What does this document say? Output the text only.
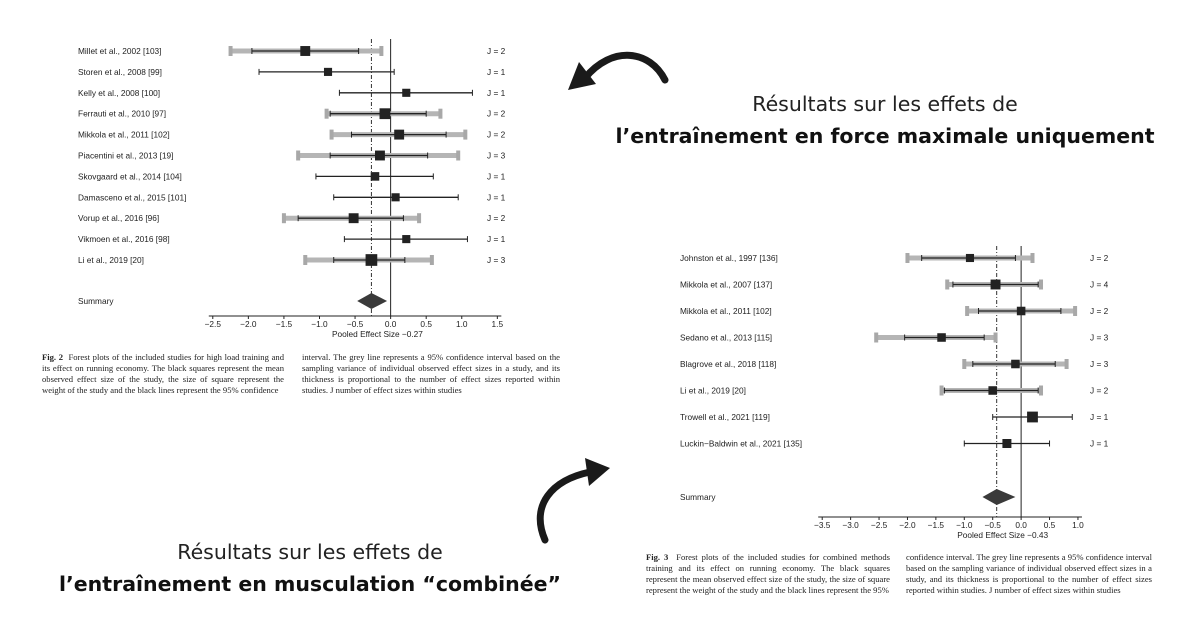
Millet et al., 2002 [103]	J = 2
Storen et al., 2008 [99]	J = 1
Kelly et al., 2008 [100]	J = 1
Ferrauti et al., 2010 [97]	J = 2
Mikkola et al., 2011 [102]	J = 2
Piacentini et al., 2013 [19]	J = 3
Skovgaard et al., 2014 [104]	J = 1
Damasceno et al., 2015 [101]	J = 1
Vorup et al., 2016 [96]	J = 2
Vikmoen et al., 2016 [98]	J = 1
Li et al., 2019 [20]	J = 3
Summary
−2.5 −2.0 −1.5 −1.0 −0.5	0.0	0.5	1.0	1.5
Pooled Effect Size −0.27
Johnston et al., 1997 [136]	J = 2
Mikkola et al., 2007 [137]	J = 4
Mikkola et al., 2011 [102]	J = 2
Sedano et al., 2013 [115]	J = 3
Blagrove et al., 2018 [118]	J = 3
Li et al., 2019 [20]	J = 2
Trowell et al., 2021 [119]	J = 1
Luckin−Baldwin et al., 2021 [135]	J = 1
Summary
−3.5 −3.0 −2.5 −2.0 −1.5 −1.0 −0.5 0.0 0.5 1.0
Pooled Effect Size −0.43
Fig. 2 Forest plots of the included studies for high load training and its effect on running economy. The black squares represent the mean observed effect size of the study, the size of square represent the weight of the study and the black lines represent the 95% confidence
interval. The grey line represents a 95% confidence interval based on the sampling variance of individual observed effect sizes in a study, and its thickness is proportional to the number of effect sizes reported within studies. J number of effect sizes within studies
Fig. 3 Forest plots of the included studies for combined methods training and its effect on running economy. The black squares represent the mean observed effect size of the study, the size of square represent the weight of the study and the black lines represent the 95%
confidence interval. The grey line represents a 95% confidence interval based on the sampling variance of individual observed effect sizes in a study, and its thickness is proportional to the number of effect sizes reported within studies. J number of effect sizes within studies
Résultats sur les effets de
l’entraînement en force maximale uniquement
Résultats sur les effets de
l’entraînement en musculation “combinée”
